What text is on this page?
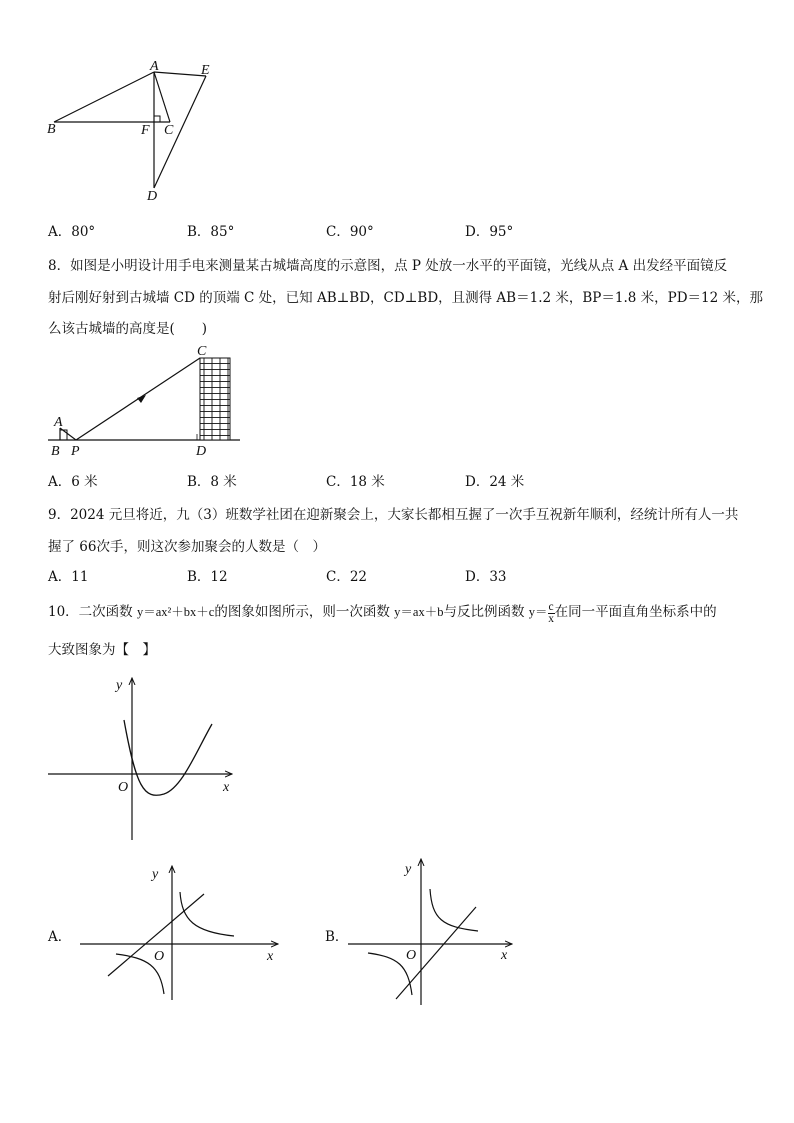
A	E
B	F C
D
A．80°	B．85°	C．90°	D．95°
8．如图是小明设计用手电来测量某古城墙高度的示意图，点 P 处放一水平的平面镜，光线从点 A 出发经平面镜反
射后刚好射到古城墙 CD 的顶端 C 处，已知 AB⊥BD，CD⊥BD，且测得 AB＝1.2 米，BP＝1.8 米，PD＝12 米，那
么该古城墙的高度是(　　)
C
A
B P	D
A．6 米	B．8 米	C．18 米	D．24 米
9．2024 元旦将近，九（3）班数学社团在迎新聚会上，大家长都相互握了一次手互祝新年顺利，经统计所有人一共
握了 66次手，则这次参加聚会的人数是（　）
A．11	B．12	C．22	D．33
10．二次函数 y＝ax²＋bx＋c的图象如图所示，则一次函数 y＝ax＋b与反比例函数 $y= \frac{c}{x}$ 在同一平面直角坐标系中的
大致图象为【　】
y
x
O
A．
y
x
O
B．
y
x
O
